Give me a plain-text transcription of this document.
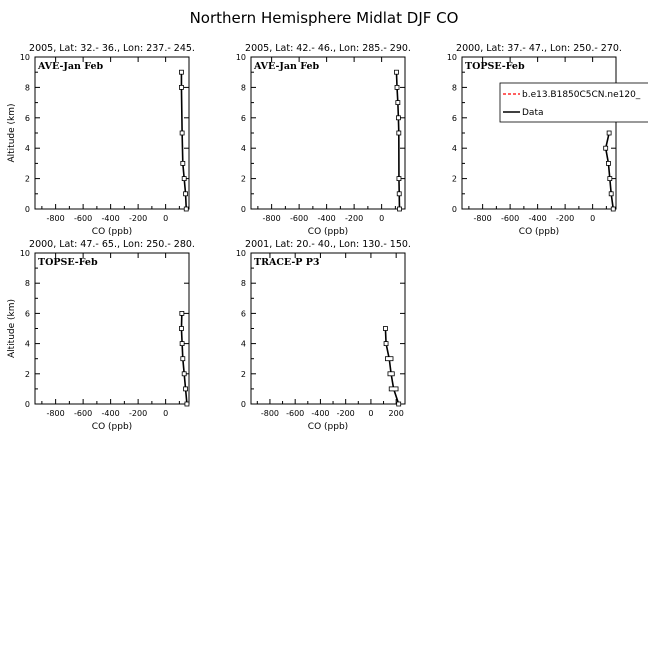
Northern Hemisphere Midlat DJF CO
2005, Lat: 32.- 36., Lon: 237.- 245.
AVE-Jan Feb
0
2
4
6
8
10
-800 -600 -400 -200 0
CO (ppb)
Altitude (km)
2005, Lat: 42.- 46., Lon: 285.- 290.
AVE-Jan Feb
0
2
4
6
8
10
-800 -600 -400 -200 0
CO (ppb)
2000, Lat: 37.- 47., Lon: 250.- 270.
TOPSE-Feb
0
2
4
6
8
10
-800 -600 -400 -200 0
CO (ppb)
b.e13.B1850C5CN.ne120_
Data
2000, Lat: 47.- 65., Lon: 250.- 280.
TOPSE-Feb
0
2
4
6
8
10
-800 -600 -400 -200 0
CO (ppb)
Altitude (km)
2001, Lat: 20.- 40., Lon: 130.- 150.
TRACE-P P3
0
2
4
6
8
10
-800 -600 -400 -200 0 200
CO (ppb)
